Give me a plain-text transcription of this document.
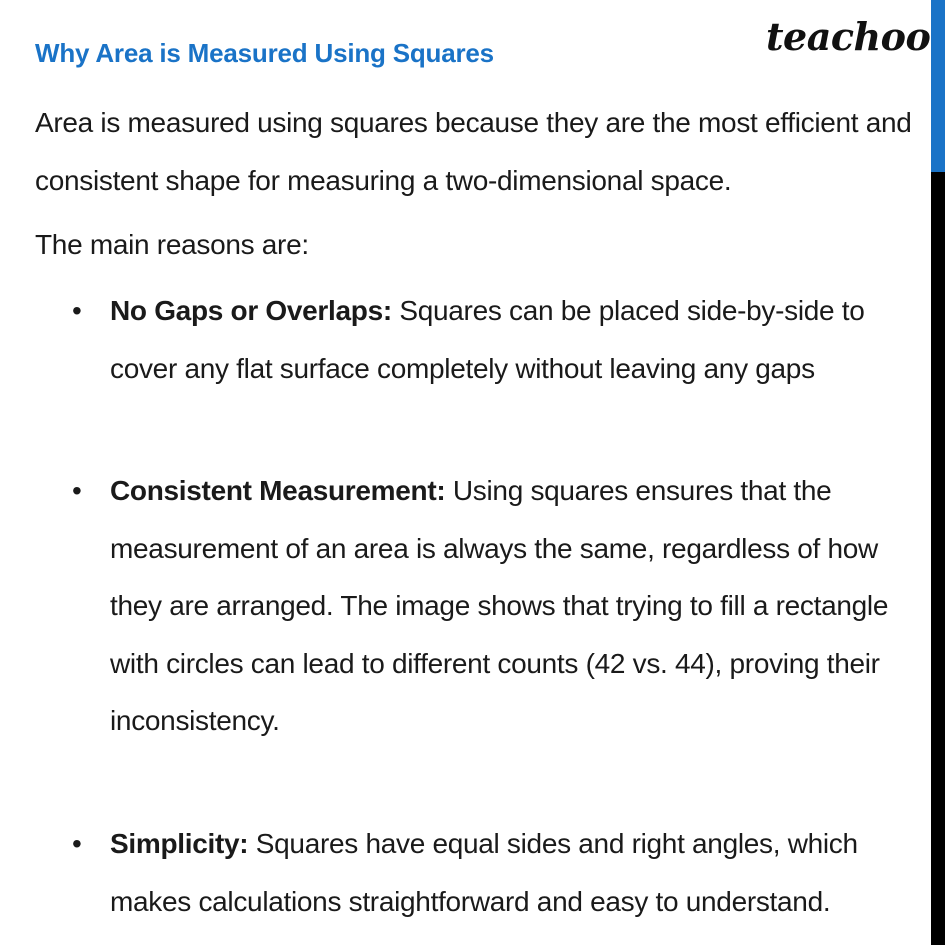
Why Area is Measured Using Squares	teachoo
Area is measured using squares because they are the most efficient and consistent shape for measuring a two-dimensional space.
The main reasons are:
• No Gaps or Overlaps: Squares can be placed side-by-side to cover any flat surface completely without leaving any gaps
• Consistent Measurement: Using squares ensures that the measurement of an area is always the same, regardless of how they are arranged. The image shows that trying to fill a rectangle with circles can lead to different counts (42 vs. 44), proving their inconsistency.
• Simplicity: Squares have equal sides and right angles, which makes calculations straightforward and easy to understand.
